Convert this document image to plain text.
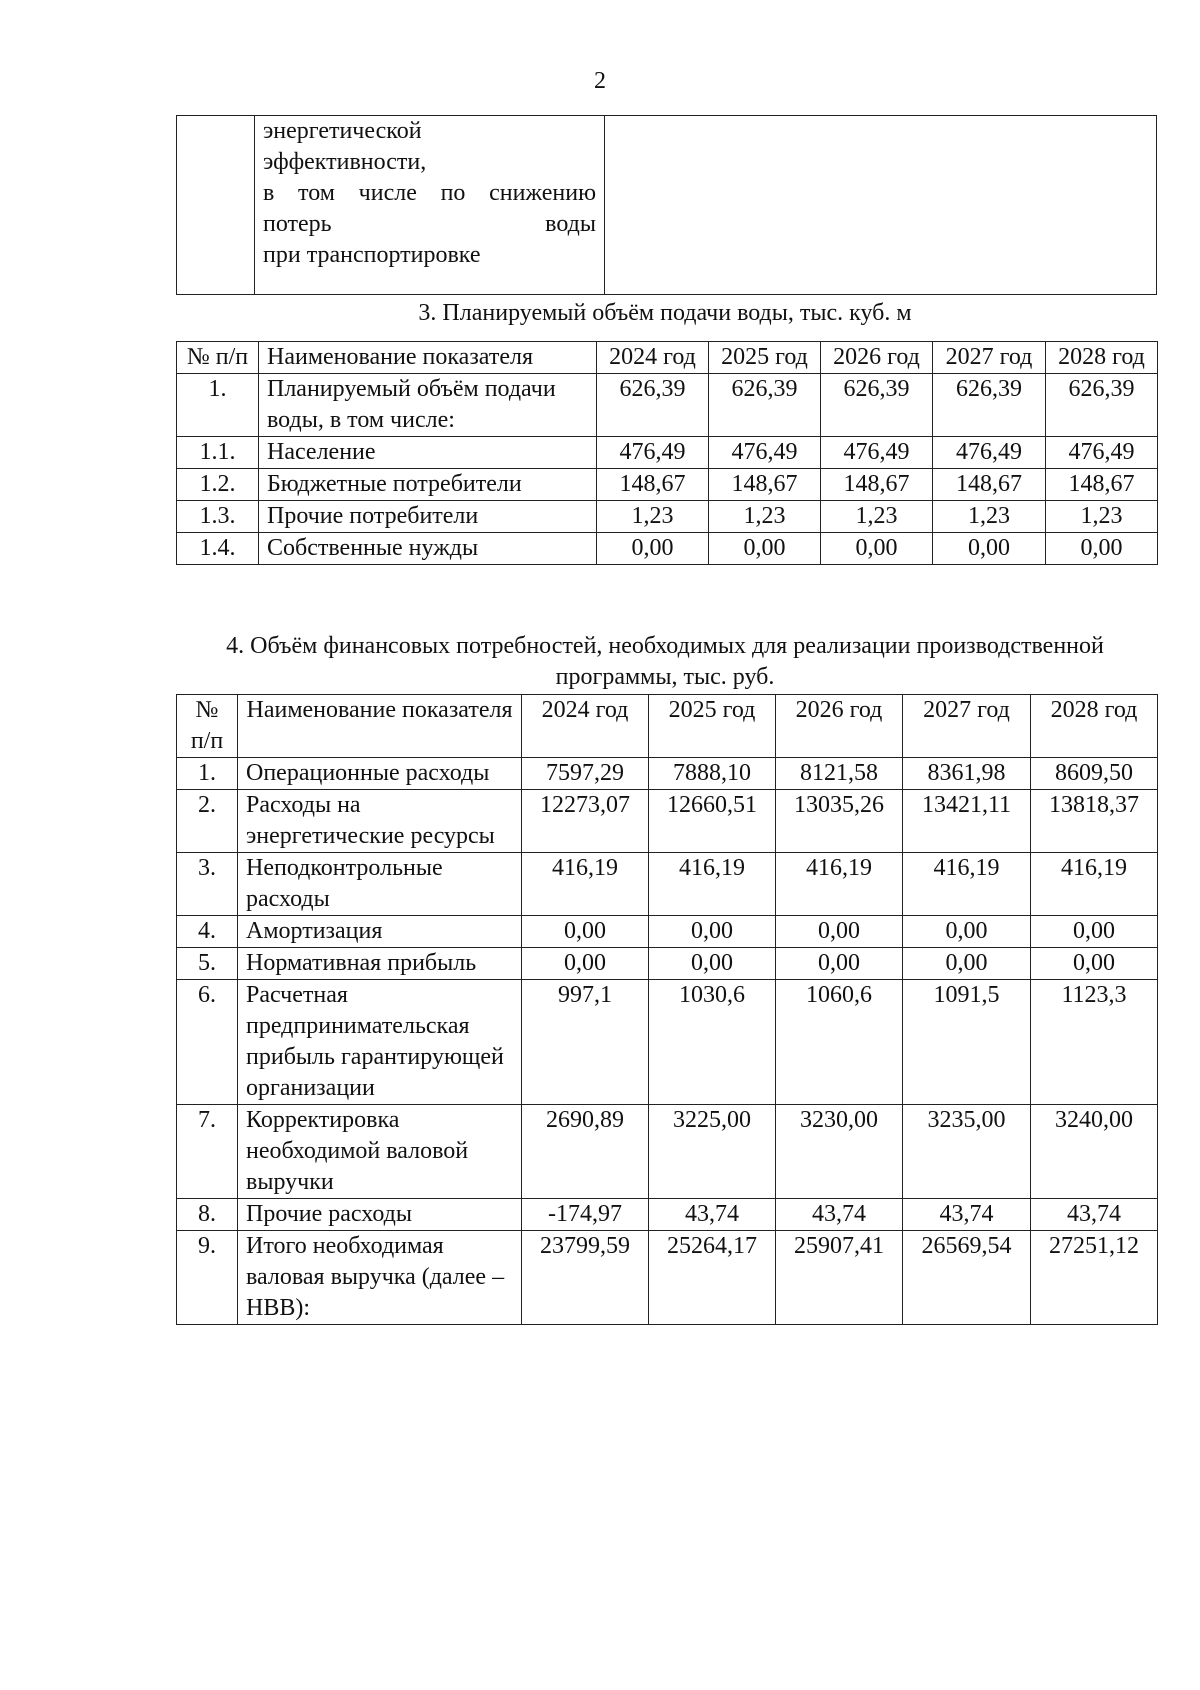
2

энергетической
эффективности,
в том числе по снижению
потерь воды
при транспортировке

3. Планируемый объём подачи воды, тыс. куб. м
№ п/п	Наименование показателя	2024 год	2025 год	2026 год	2027 год	2028 год
1.	Планируемый объём подачи воды, в том числе:	626,39	626,39	626,39	626,39	626,39
1.1.	Население	476,49	476,49	476,49	476,49	476,49
1.2.	Бюджетные потребители	148,67	148,67	148,67	148,67	148,67
1.3.	Прочие потребители	1,23	1,23	1,23	1,23	1,23
1.4.	Собственные нужды	0,00	0,00	0,00	0,00	0,00
4. Объём финансовых потребностей, необходимых для реализации производственной программы, тыс. руб.
№ п/п	Наименование показателя	2024 год	2025 год	2026 год	2027 год	2028 год
1.	Операционные расходы	7597,29	7888,10	8121,58	8361,98	8609,50
2.	Расходы на энергетические ресурсы	12273,07	12660,51	13035,26	13421,11	13818,37
3.	Неподконтрольные расходы	416,19	416,19	416,19	416,19	416,19
4.	Амортизация	0,00	0,00	0,00	0,00	0,00
5.	Нормативная прибыль	0,00	0,00	0,00	0,00	0,00
6.	Расчетная предпринимательская прибыль гарантирующей организации	997,1	1030,6	1060,6	1091,5	1123,3
7.	Корректировка необходимой валовой выручки	2690,89	3225,00	3230,00	3235,00	3240,00
8.	Прочие расходы	-174,97	43,74	43,74	43,74	43,74
9.	Итого необходимая валовая выручка (далее – НВВ):	23799,59	25264,17	25907,41	26569,54	27251,12
